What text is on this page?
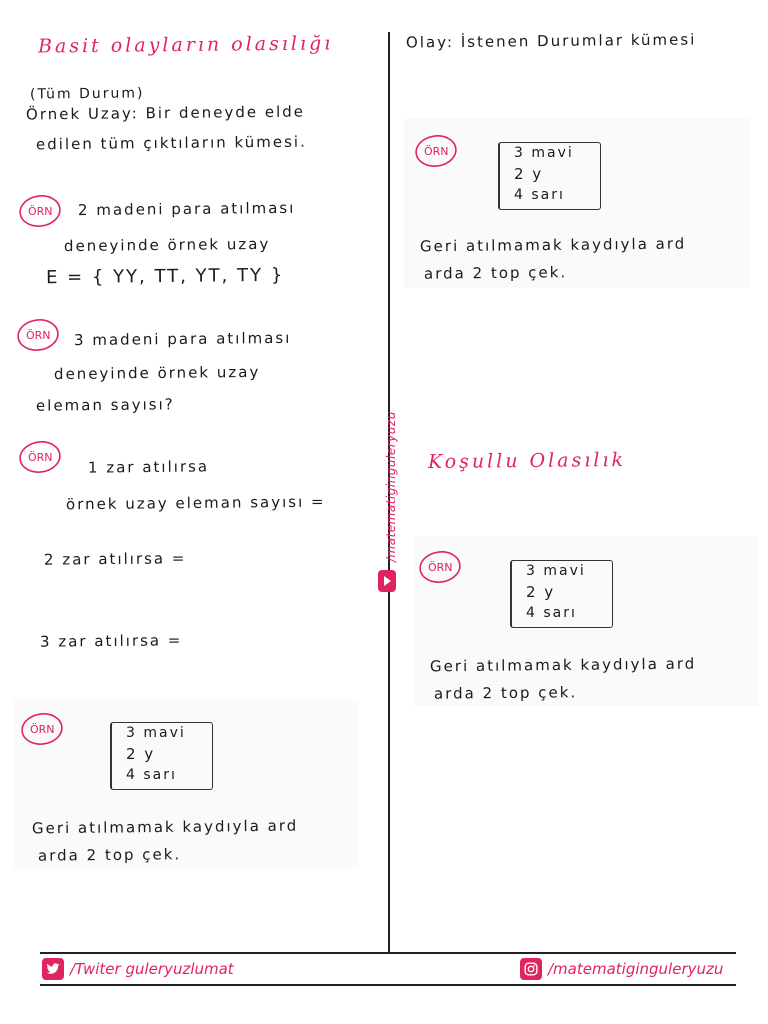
Basit olayların olasılığı
(Tüm Durum)
Örnek Uzay: Bir deneyde elde
edilen tüm çıktıların kümesi.
ÖRN 2 madeni para atılması
deneyinde örnek uzay
E = { YY, TT, YT, TY }
ÖRN 3 madeni para atılması
deneyinde örnek uzay
eleman sayısı?
ÖRN 1 zar atılırsa
örnek uzay eleman sayısı =
2 zar atılırsa =
3 zar atılırsa =
ÖRN	3 mavi
2 y
4 sarı
Geri atılmamak kaydıyla ard
arda 2 top çek.
Olay: İstenen Durumlar kümesi
ÖRN	3 mavi
2 y
4 sarı
Geri atılmamak kaydıyla ard
arda 2 top çek.
Koşullu Olasılık
ÖRN	3 mavi
2 y
4 sarı
Geri atılmamak kaydıyla ard
arda 2 top çek.
/matematiginguleryuzu
/Twiter guleryuzlumat	/matematiginguleryuzu
